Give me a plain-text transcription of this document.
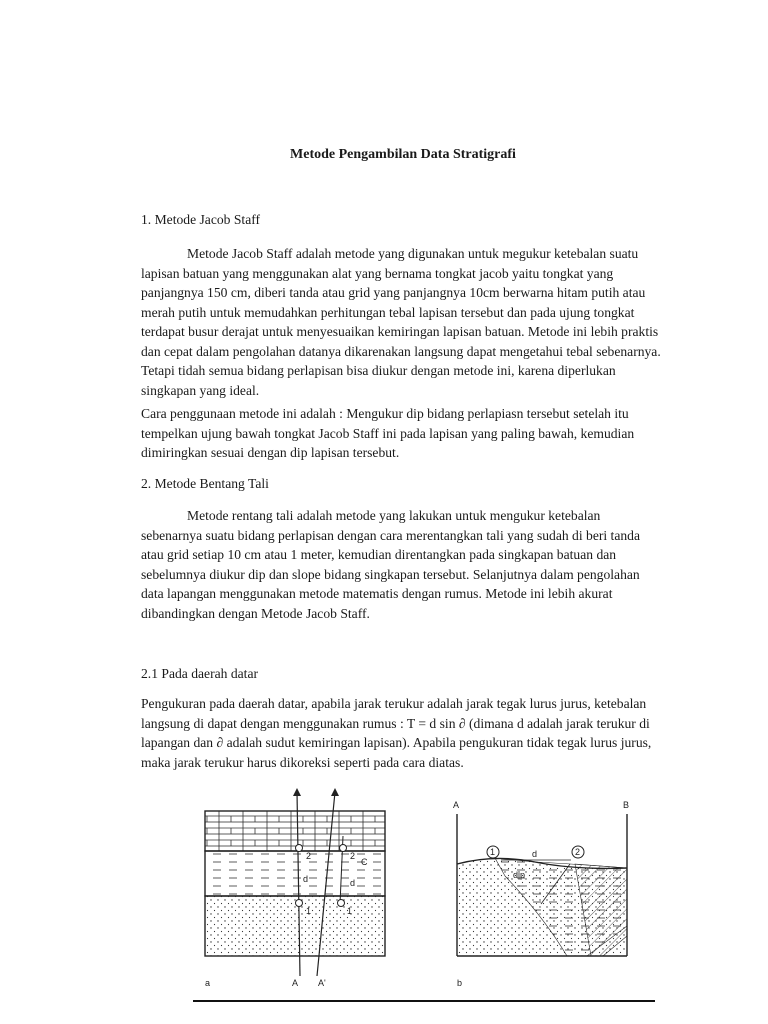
Metode Pengambilan Data Stratigrafi

1. Metode Jacob Staff

Metode Jacob Staff adalah metode yang digunakan untuk megukur ketebalan suatu lapisan batuan yang menggunakan alat yang bernama tongkat jacob yaitu tongkat yang panjangnya 150 cm, diberi tanda atau grid yang panjangnya 10cm berwarna hitam putih atau merah putih untuk memudahkan perhitungan tebal lapisan tersebut dan pada ujung tongkat terdapat busur derajat untuk menyesuaikan kemiringan lapisan batuan. Metode ini lebih praktis dan cepat dalam pengolahan datanya dikarenakan langsung dapat mengetahui tebal sebenarnya. Tetapi tidah semua bidang perlapisan bisa diukur dengan metode ini, karena diperlukan singkapan yang ideal.

Cara penggunaan metode ini adalah : Mengukur dip bidang perlapiasn tersebut setelah itu tempelkan ujung bawah tongkat Jacob Staff ini pada lapisan yang paling bawah, kemudian dimiringkan sesuai dengan dip lapisan tersebut.

2. Metode Bentang Tali

Metode rentang tali adalah metode yang lakukan untuk mengukur ketebalan sebenarnya suatu bidang perlapisan dengan cara merentangkan tali yang sudah di beri tanda atau grid setiap 10 cm atau 1 meter, kemudian direntangkan pada singkapan batuan dan sebelumnya diukur dip dan slope bidang singkapan tersebut. Selanjutnya dalam pengolahan data lapangan menggunakan metode matematis dengan rumus. Metode ini lebih akurat dibandingkan dengan Metode Jacob Staff.

2.1 Pada daerah datar

Pengukuran pada daerah datar, apabila jarak terukur adalah jarak tegak lurus jurus, ketebalan langsung di dapat dengan menggunakan rumus : T = d sin ∂ (dimana d adalah jarak terukur di lapangan dan ∂ adalah sudut kemiringan lapisan). Apabila pengukuran tidak tegak lurus jurus, maka jarak terukur harus dikoreksi seperti pada cara diatas.

2
1
d
2
C
d
1
A A'
a
A	B
1	2
d
dip
b
